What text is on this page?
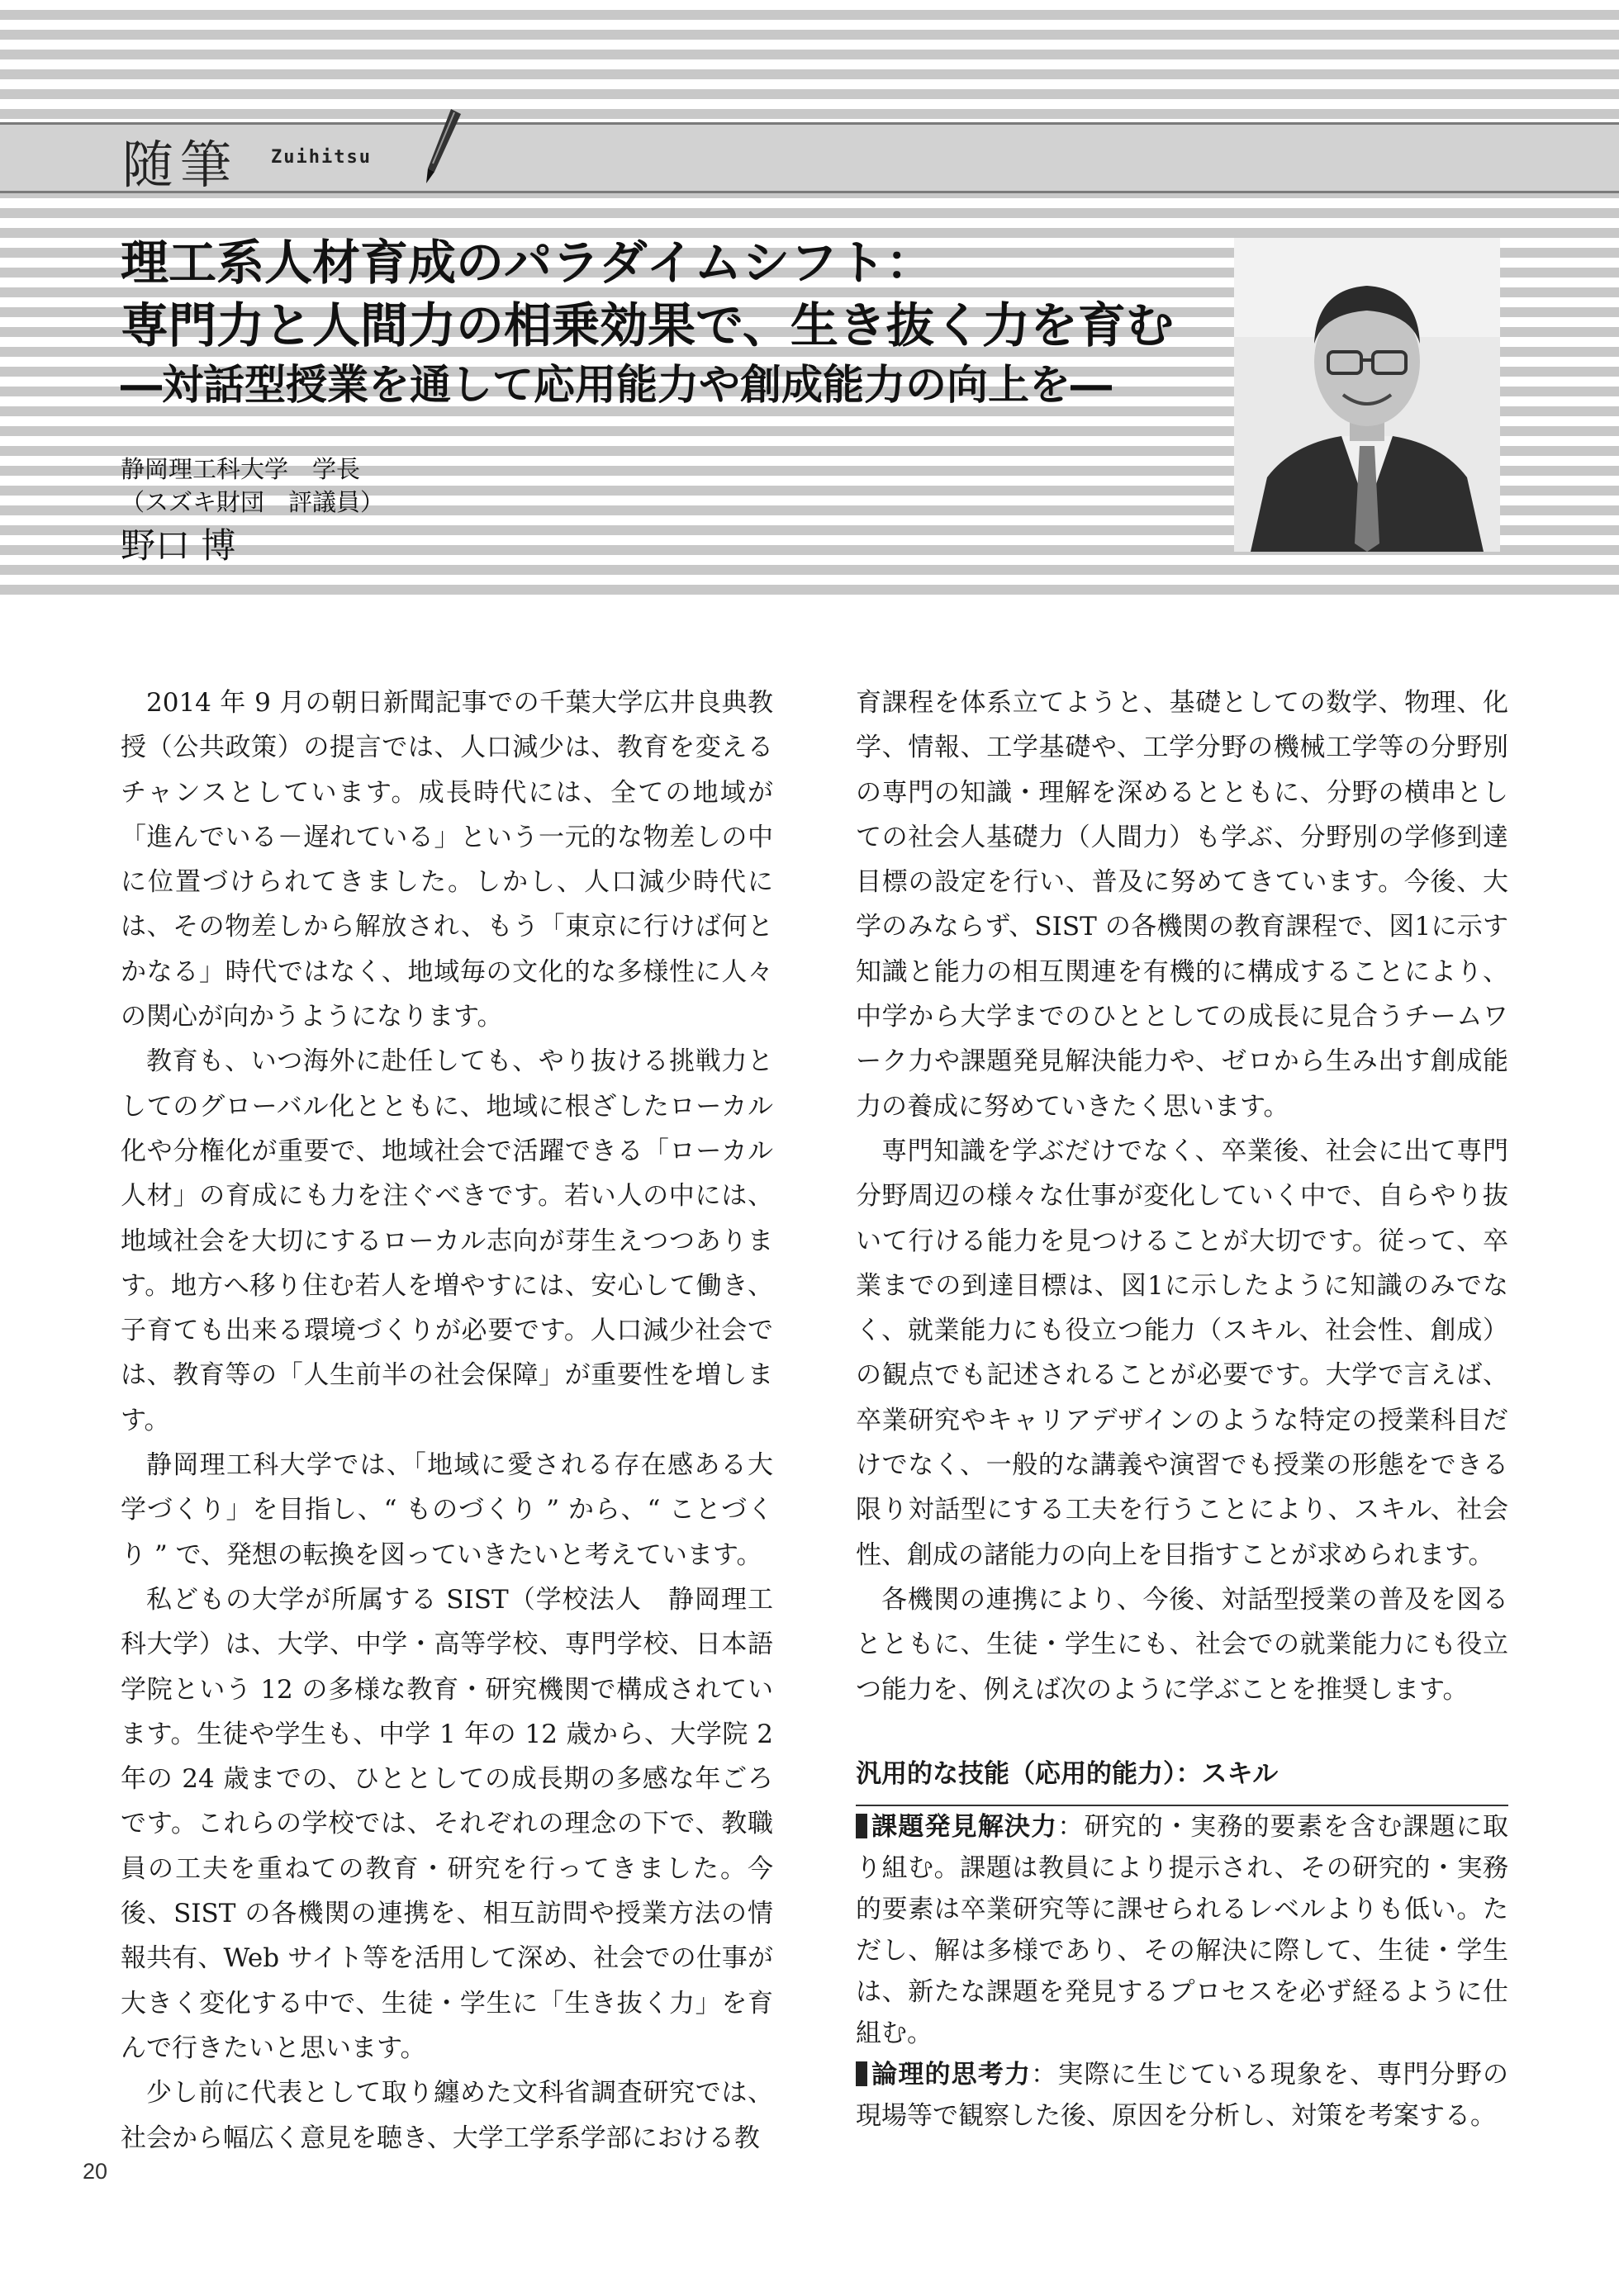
随筆 Zuihitsu
理工系人材育成のパラダイムシフト：
専門力と人間力の相乗効果で、生き抜く力を育む
―対話型授業を通して応用能力や創成能力の向上を―
静岡理工科大学　学長
（スズキ財団　評議員）
野口 博

2014 年 9 月の朝日新聞記事での千葉大学広井良典教授（公共政策）の提言では、人口減少は、教育を変えるチャンスとしています。成長時代には、全ての地域が「進んでいる－遅れている」という一元的な物差しの中に位置づけられてきました。しかし、人口減少時代には、その物差しから解放され、もう「東京に行けば何とかなる」時代ではなく、地域毎の文化的な多様性に人々の関心が向かうようになります。

教育も、いつ海外に赴任しても、やり抜ける挑戦力としてのグローバル化とともに、地域に根ざしたローカル化や分権化が重要で、地域社会で活躍できる「ローカル人材」の育成にも力を注ぐべきです。若い人の中には、地域社会を大切にするローカル志向が芽生えつつあります。地方へ移り住む若人を増やすには、安心して働き、子育ても出来る環境づくりが必要です。人口減少社会では、教育等の「人生前半の社会保障」が重要性を増します。

静岡理工科大学では、「地域に愛される存在感ある大学づくり」を目指し、“ ものづくり ” から、“ ことづくり ” で、発想の転換を図っていきたいと考えています。

私どもの大学が所属する SIST（学校法人　静岡理工科大学）は、大学、中学・高等学校、専門学校、日本語学院という 12 の多様な教育・研究機関で構成されています。生徒や学生も、中学 1 年の 12 歳から、大学院 2 年の 24 歳までの、ひととしての成長期の多感な年ごろです。これらの学校では、それぞれの理念の下で、教職員の工夫を重ねての教育・研究を行ってきました。今後、SIST の各機関の連携を、相互訪問や授業方法の情報共有、Web サイト等を活用して深め、社会での仕事が大きく変化する中で、生徒・学生に「生き抜く力」を育んで行きたいと思います。

少し前に代表として取り纏めた文科省調査研究では、社会から幅広く意見を聴き、大学工学系学部における教

育課程を体系立てようと、基礎としての数学、物理、化学、情報、工学基礎や、工学分野の機械工学等の分野別の専門の知識・理解を深めるとともに、分野の横串としての社会人基礎力（人間力）も学ぶ、分野別の学修到達目標の設定を行い、普及に努めてきています。今後、大学のみならず、SIST の各機関の教育課程で、図1に示す知識と能力の相互関連を有機的に構成することにより、中学から大学までのひととしての成長に見合うチームワーク力や課題発見解決能力や、ゼロから生み出す創成能力の養成に努めていきたく思います。

専門知識を学ぶだけでなく、卒業後、社会に出て専門分野周辺の様々な仕事が変化していく中で、自らやり抜いて行ける能力を見つけることが大切です。従って、卒業までの到達目標は、図1に示したように知識のみでなく、就業能力にも役立つ能力（スキル、社会性、創成）の観点でも記述されることが必要です。大学で言えば、卒業研究やキャリアデザインのような特定の授業科目だけでなく、一般的な講義や演習でも授業の形態をできる限り対話型にする工夫を行うことにより、スキル、社会性、創成の諸能力の向上を目指すことが求められます。

各機関の連携により、今後、対話型授業の普及を図るとともに、生徒・学生にも、社会での就業能力にも役立つ能力を、例えば次のように学ぶことを推奨します。

汎用的な技能（応用的能力）：スキル

課題発見解決力：研究的・実務的要素を含む課題に取り組む。課題は教員により提示され、その研究的・実務的要素は卒業研究等に課せられるレベルよりも低い。ただし、解は多様であり、その解決に際して、生徒・学生は、新たな課題を発見するプロセスを必ず経るように仕組む。

論理的思考力：実際に生じている現象を、専門分野の現場等で観察した後、原因を分析し、対策を考案する。

20
